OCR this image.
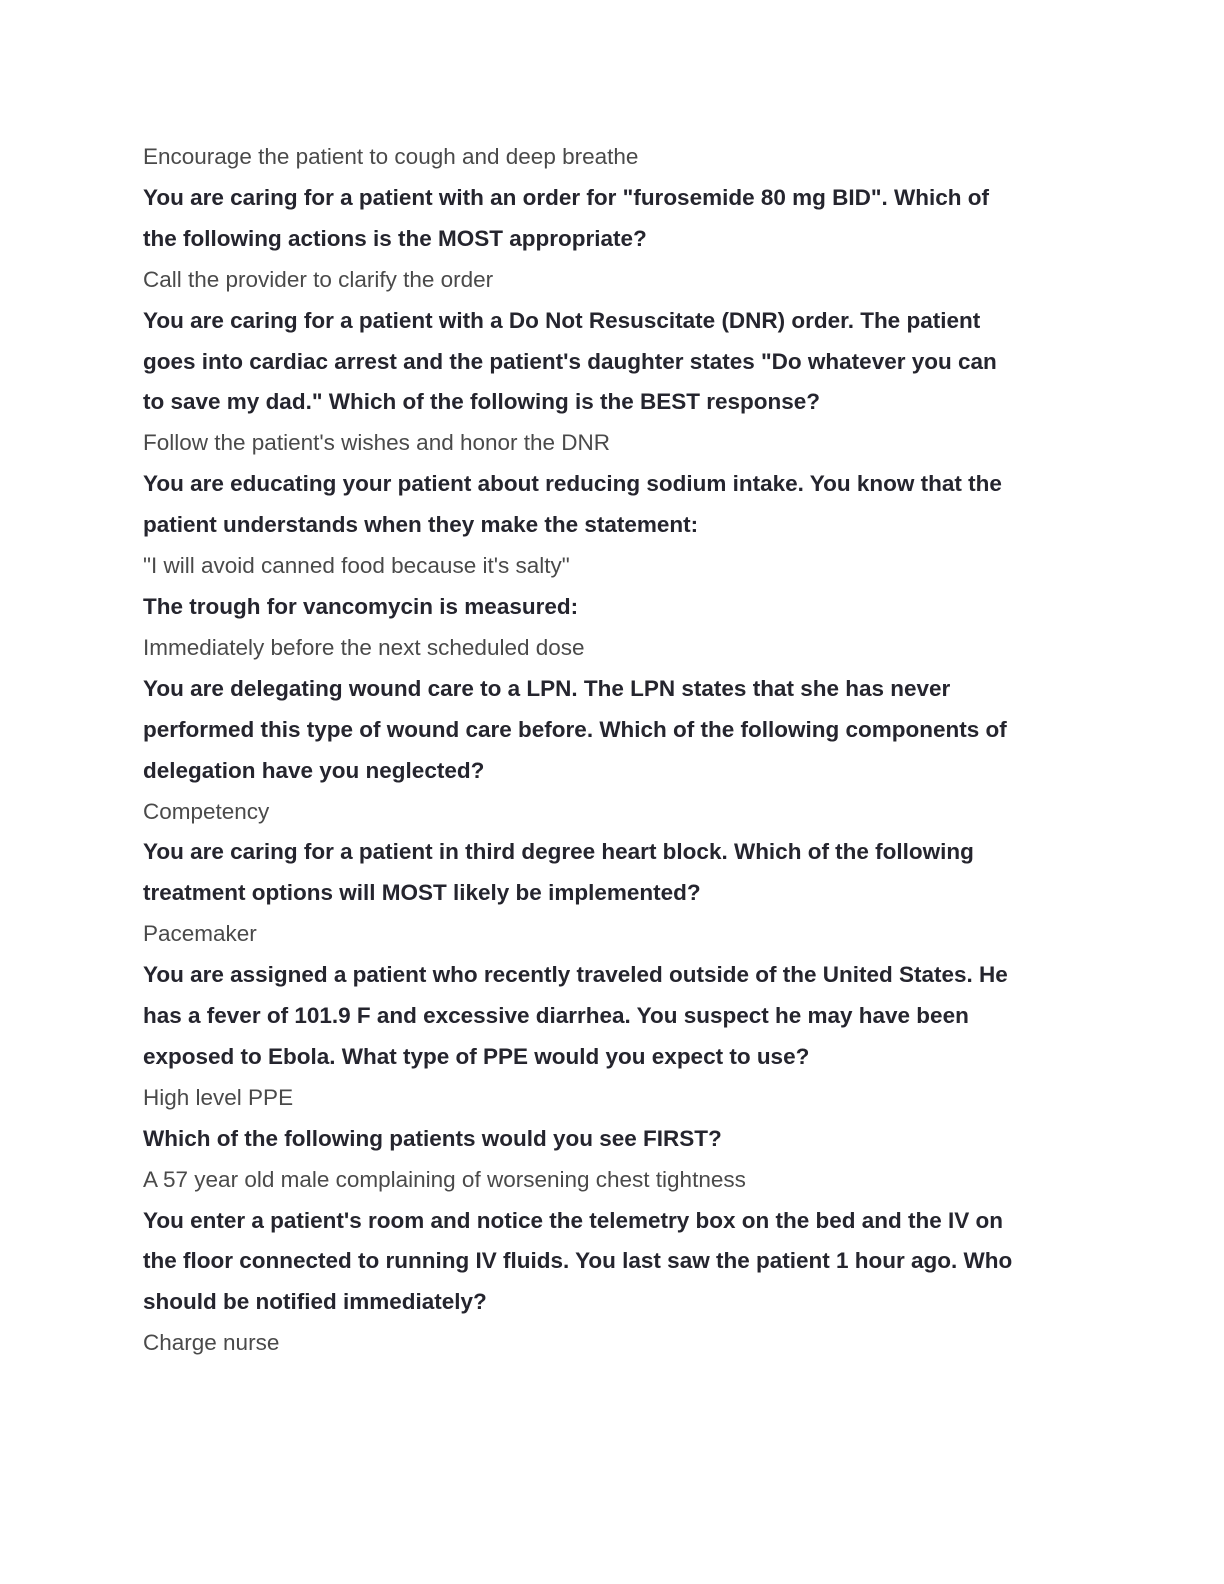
Encourage the patient to cough and deep breathe

You are caring for a patient with an order for "furosemide 80 mg BID". Which of

the following actions is the MOST appropriate?

Call the provider to clarify the order

You are caring for a patient with a Do Not Resuscitate (DNR) order. The patient

goes into cardiac arrest and the patient's daughter states "Do whatever you can

to save my dad." Which of the following is the BEST response?

Follow the patient's wishes and honor the DNR

You are educating your patient about reducing sodium intake. You know that the

patient understands when they make the statement:

"I will avoid canned food because it's salty"

The trough for vancomycin is measured:

Immediately before the next scheduled dose

You are delegating wound care to a LPN. The LPN states that she has never

performed this type of wound care before. Which of the following components of

delegation have you neglected?

Competency

You are caring for a patient in third degree heart block. Which of the following

treatment options will MOST likely be implemented?

Pacemaker

You are assigned a patient who recently traveled outside of the United States. He

has a fever of 101.9 F and excessive diarrhea. You suspect he may have been

exposed to Ebola. What type of PPE would you expect to use?

High level PPE

Which of the following patients would you see FIRST?

A 57 year old male complaining of worsening chest tightness

You enter a patient's room and notice the telemetry box on the bed and the IV on

the floor connected to running IV fluids. You last saw the patient 1 hour ago. Who

should be notified immediately?

Charge nurse
